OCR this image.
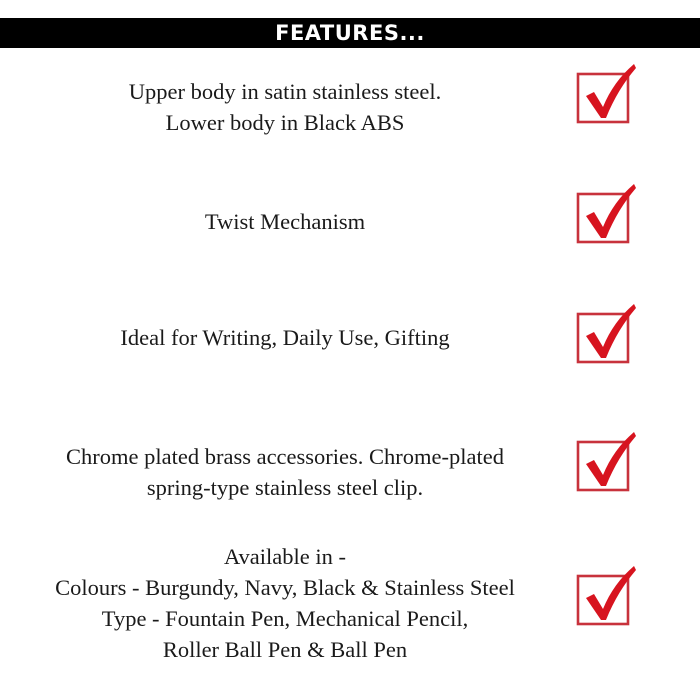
FEATURES...
Upper body in satin stainless steel.
Lower body in Black ABS
Twist Mechanism
Ideal for Writing, Daily Use, Gifting
Chrome plated brass accessories. Chrome-plated
spring-type stainless steel clip.
Available in -
Colours - Burgundy, Navy, Black & Stainless Steel
Type - Fountain Pen, Mechanical Pencil,
Roller Ball Pen & Ball Pen
